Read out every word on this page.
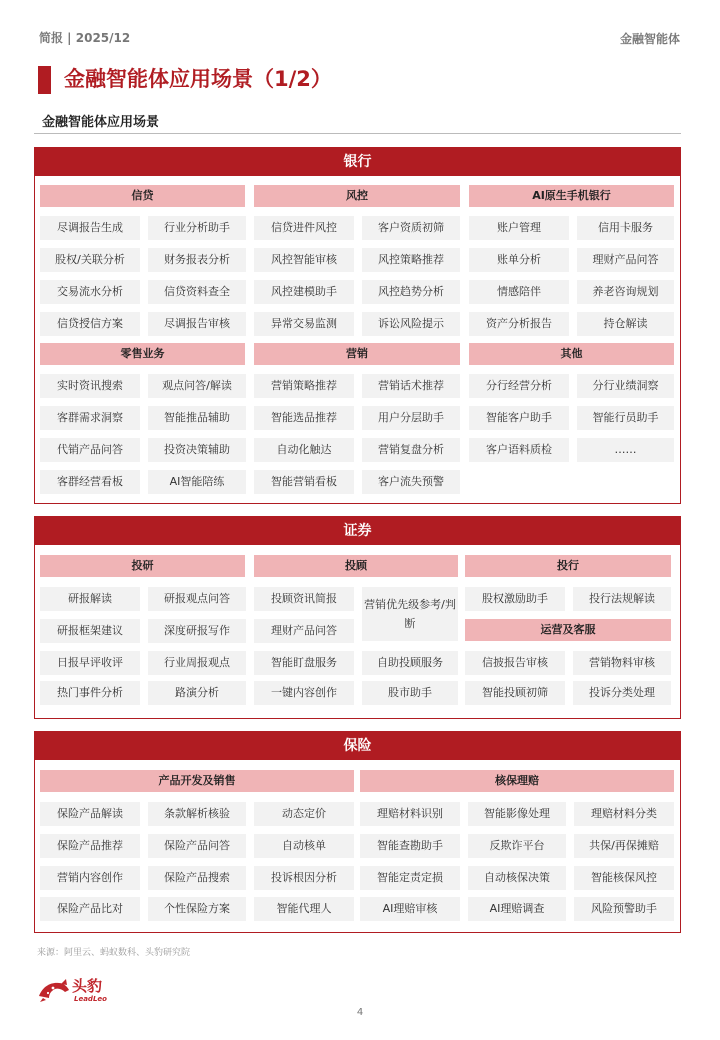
简报 | 2025/12	金融智能体
金融智能体应用场景（1/2）
金融智能体应用场景
银行
信贷	风控	AI原生手机银行
尽调报告生成	行业分析助手
股权/关联分析	财务报表分析
交易流水分析	信贷资料查全
信贷授信方案	尽调报告审核
信贷进件风控	客户资质初筛
风控智能审核	风控策略推荐
风控建模助手	风控趋势分析
异常交易监测	诉讼风险提示
账户管理	信用卡服务
账单分析	理财产品问答
情感陪伴	养老咨询规划
资产分析报告	持仓解读
零售业务	营销	其他
实时资讯搜索	观点问答/解读
客群需求洞察	智能推品辅助
代销产品问答	投资决策辅助
客群经营看板	AI智能陪练
营销策略推荐	营销话术推荐
智能选品推荐	用户分层助手
自动化触达	营销复盘分析
智能营销看板	客户流失预警
分行经营分析	分行业绩洞察
智能客户助手	智能行员助手
客户语料质检	……
证券
投研	投顾	投行
研报解读	研报观点问答
研报框架建议	深度研报写作
日报早评收评	行业周报观点
热门事件分析	路演分析
投顾资讯简报	营销优先级参考/判断
理财产品问答
智能盯盘服务	自助投顾服务
一键内容创作	股市助手
股权激励助手	投行法规解读
运营及客服
信披报告审核	营销物料审核
智能投顾初筛	投诉分类处理
保险
产品开发及销售	核保理赔
保险产品解读	条款解析核验	动态定价
保险产品推荐	保险产品问答	自动核单
营销内容创作	保险产品搜索	投诉根因分析
保险产品比对	个性保险方案	智能代理人
理赔材料识别	智能影像处理	理赔材料分类
智能查勘助手	反欺诈平台	共保/再保摊赔
智能定责定损	自动核保决策	智能核保风控
AI理赔审核	AI理赔调查	风险预警助手
来源：阿里云、蚂蚁数科、头豹研究院
头豹
LeadLeo
4
